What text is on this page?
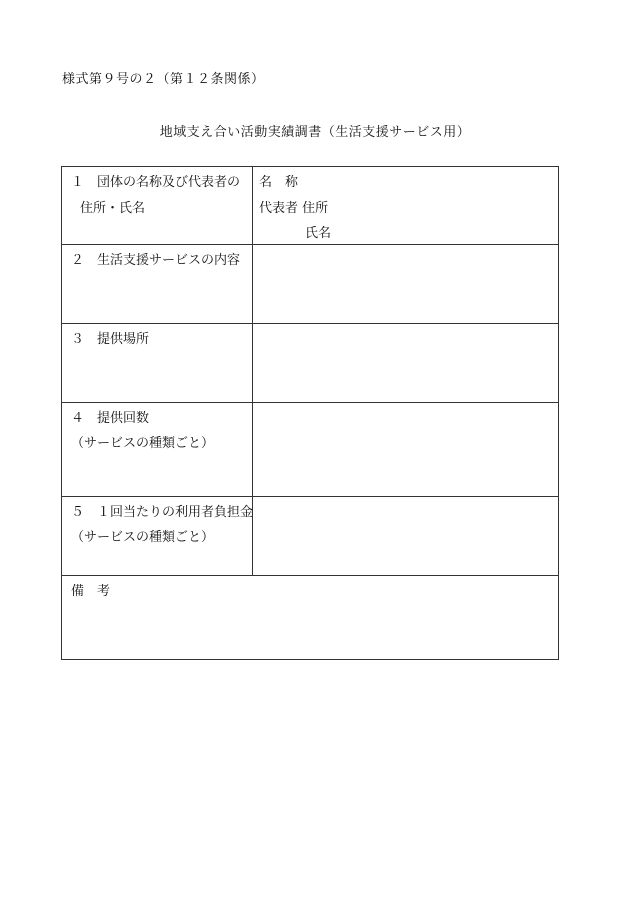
様式第９号の２（第１２条関係）
地域支え合い活動実績調書（生活支援サービス用）
１　団体の名称及び代表者の
住所・氏名
名　称
代表者 住所
氏名
２　生活支援サービスの内容
３　提供場所
４　提供回数
（サービスの種類ごと）
５　１回当たりの利用者負担金
（サービスの種類ごと）
備　考
